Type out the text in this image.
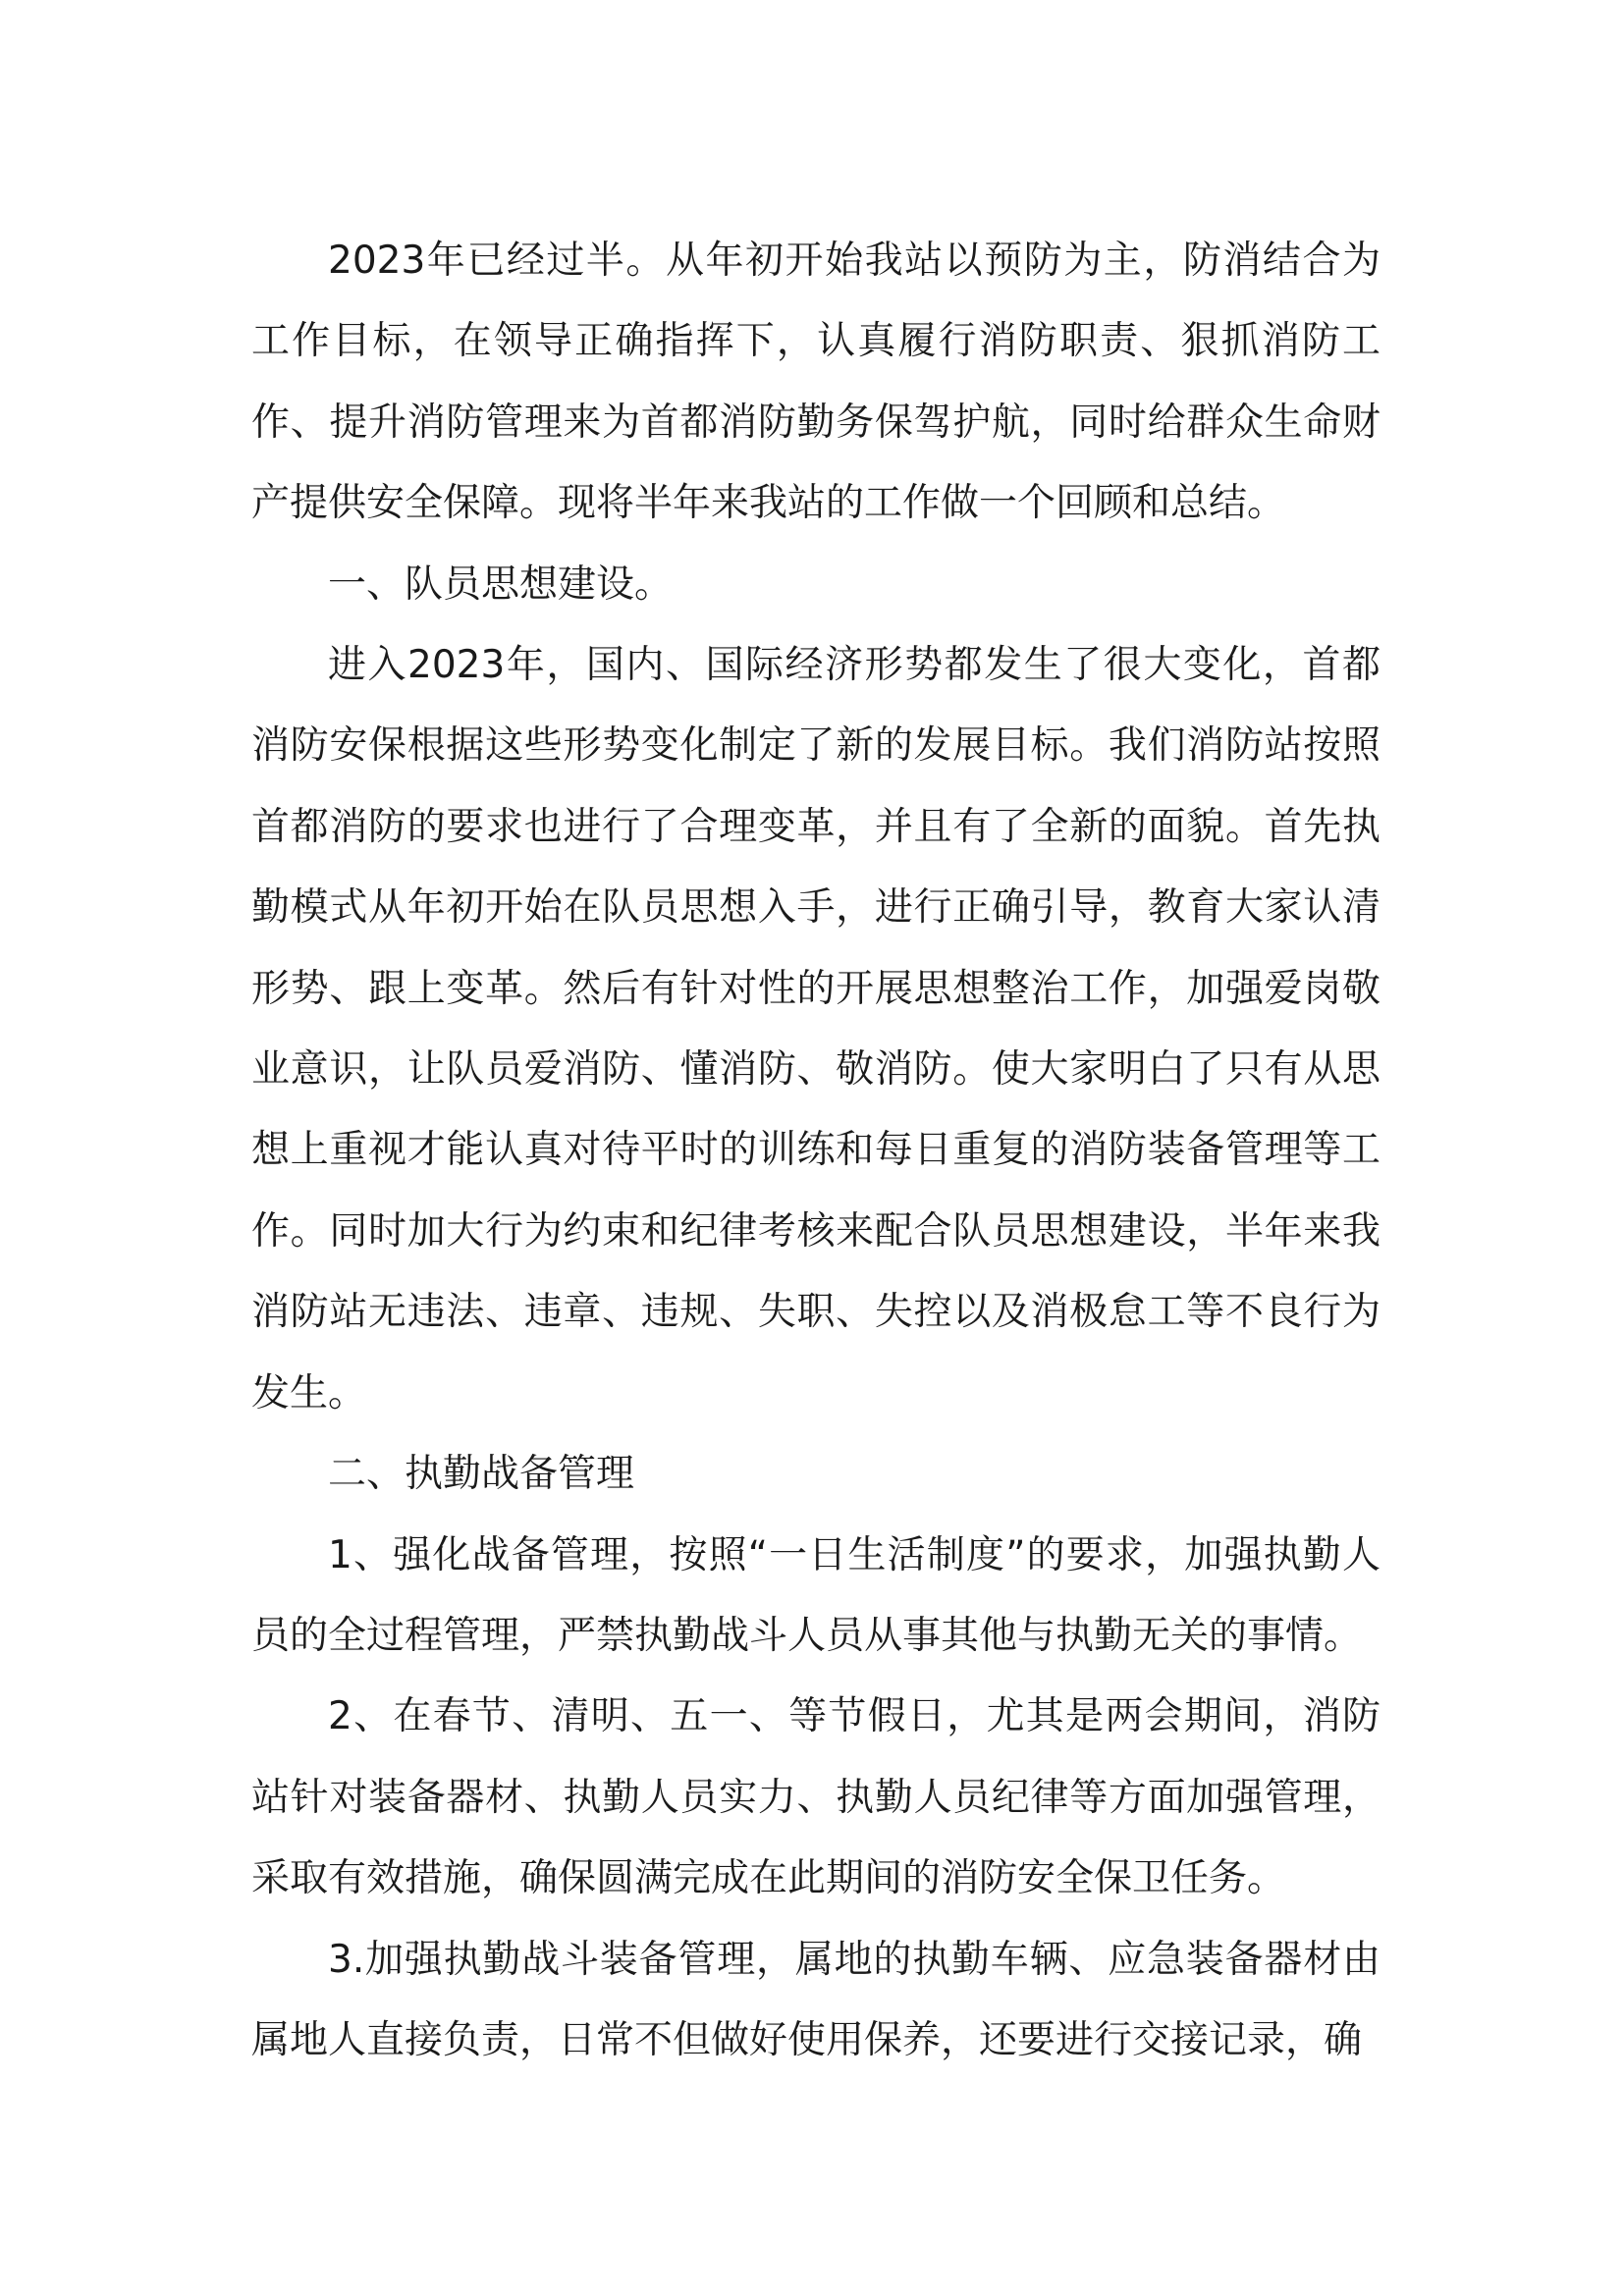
2023年已经过半。从年初开始我站以预防为主，防消结合为工作目标，在领导正确指挥下，认真履行消防职责、狠抓消防工作、提升消防管理来为首都消防勤务保驾护航，同时给群众生命财产提供安全保障。现将半年来我站的工作做一个回顾和总结。

一、队员思想建设。

进入2023年，国内、国际经济形势都发生了很大变化，首都消防安保根据这些形势变化制定了新的发展目标。我们消防站按照首都消防的要求也进行了合理变革，并且有了全新的面貌。首先执勤模式从年初开始在队员思想入手，进行正确引导，教育大家认清形势、跟上变革。然后有针对性的开展思想整治工作，加强爱岗敬业意识，让队员爱消防、懂消防、敬消防。使大家明白了只有从思想上重视才能认真对待平时的训练和每日重复的消防装备管理等工作。同时加大行为约束和纪律考核来配合队员思想建设，半年来我消防站无违法、违章、违规、失职、失控以及消极怠工等不良行为发生。

二、执勤战备管理

1、强化战备管理，按照“一日生活制度”的要求，加强执勤人员的全过程管理，严禁执勤战斗人员从事其他与执勤无关的事情。

2、在春节、清明、五一、等节假日，尤其是两会期间，消防站针对装备器材、执勤人员实力、执勤人员纪律等方面加强管理，采取有效措施，确保圆满完成在此期间的消防安全保卫任务。

3.加强执勤战斗装备管理，属地的执勤车辆、应急装备器材由属地人直接负责，日常不但做好使用保养，还要进行交接记录，确
